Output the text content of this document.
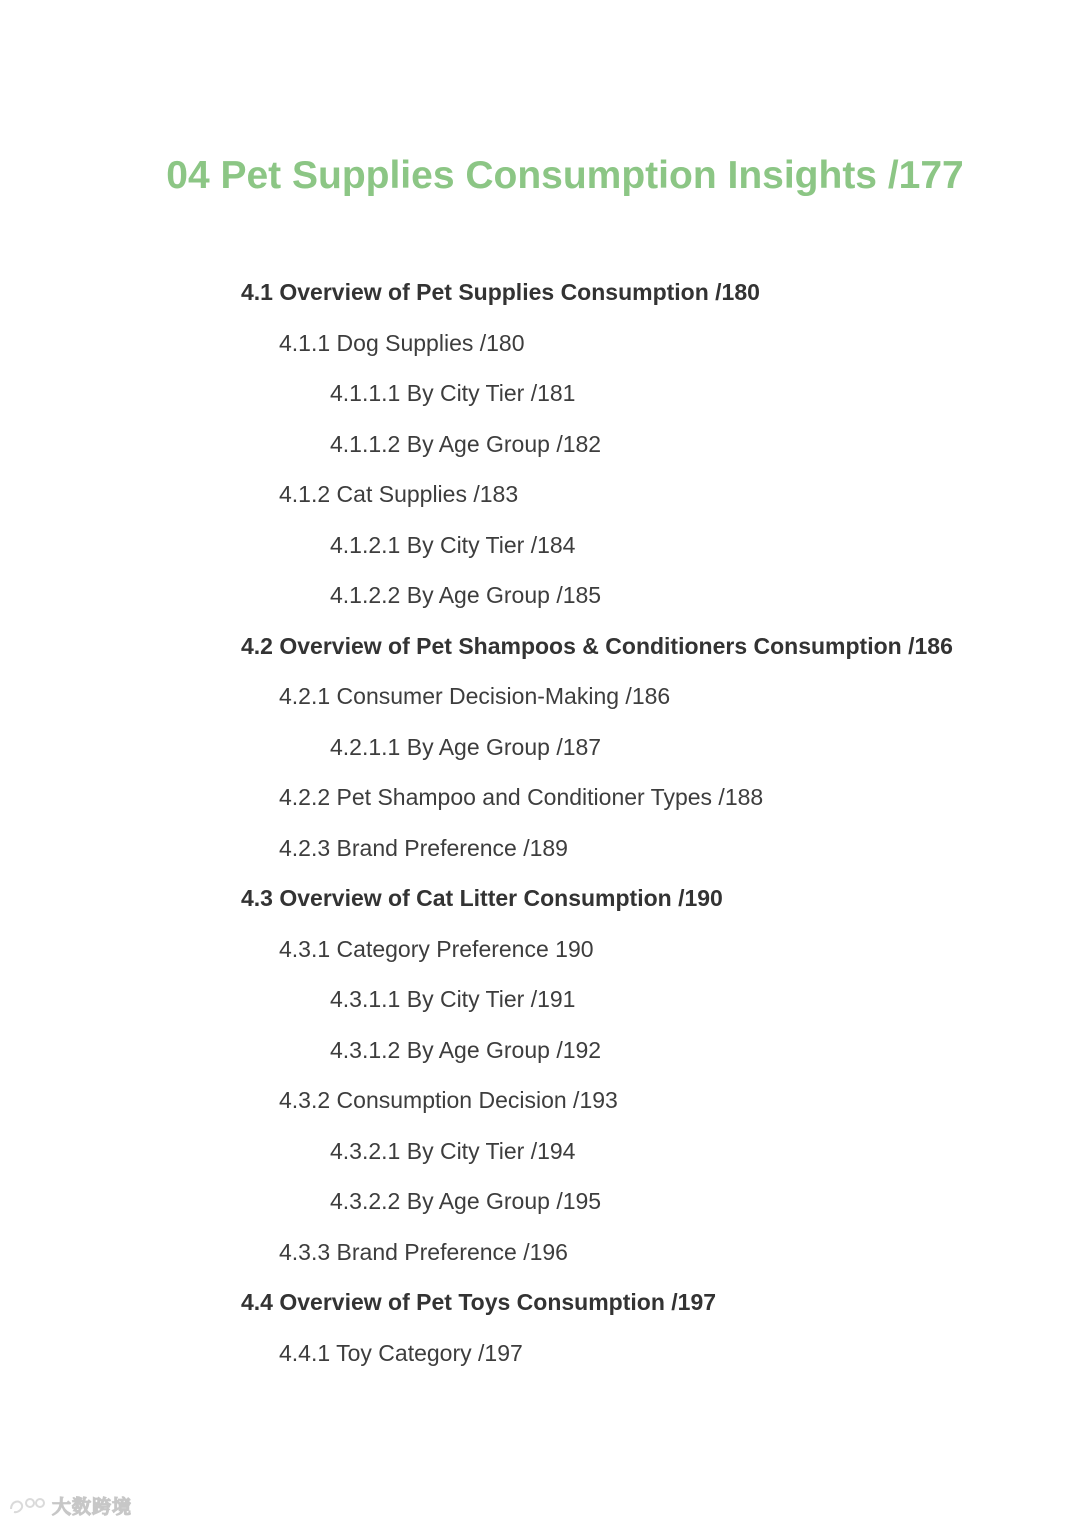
04 Pet Supplies Consumption Insights /177
4.1 Overview of Pet Supplies Consumption /180
4.1.1 Dog Supplies /180
4.1.1.1 By City Tier /181
4.1.1.2 By Age Group /182
4.1.2 Cat Supplies /183
4.1.2.1 By City Tier /184
4.1.2.2 By Age Group /185
4.2 Overview of Pet Shampoos & Conditioners Consumption /186
4.2.1 Consumer Decision-Making /186
4.2.1.1 By Age Group /187
4.2.2 Pet Shampoo and Conditioner Types /188
4.2.3 Brand Preference /189
4.3 Overview of Cat Litter Consumption /190
4.3.1 Category Preference 190
4.3.1.1 By City Tier /191
4.3.1.2 By Age Group /192
4.3.2 Consumption Decision /193
4.3.2.1 By City Tier /194
4.3.2.2 By Age Group /195
4.3.3 Brand Preference /196
4.4 Overview of Pet Toys Consumption /197
4.4.1 Toy Category /197
大数跨境
